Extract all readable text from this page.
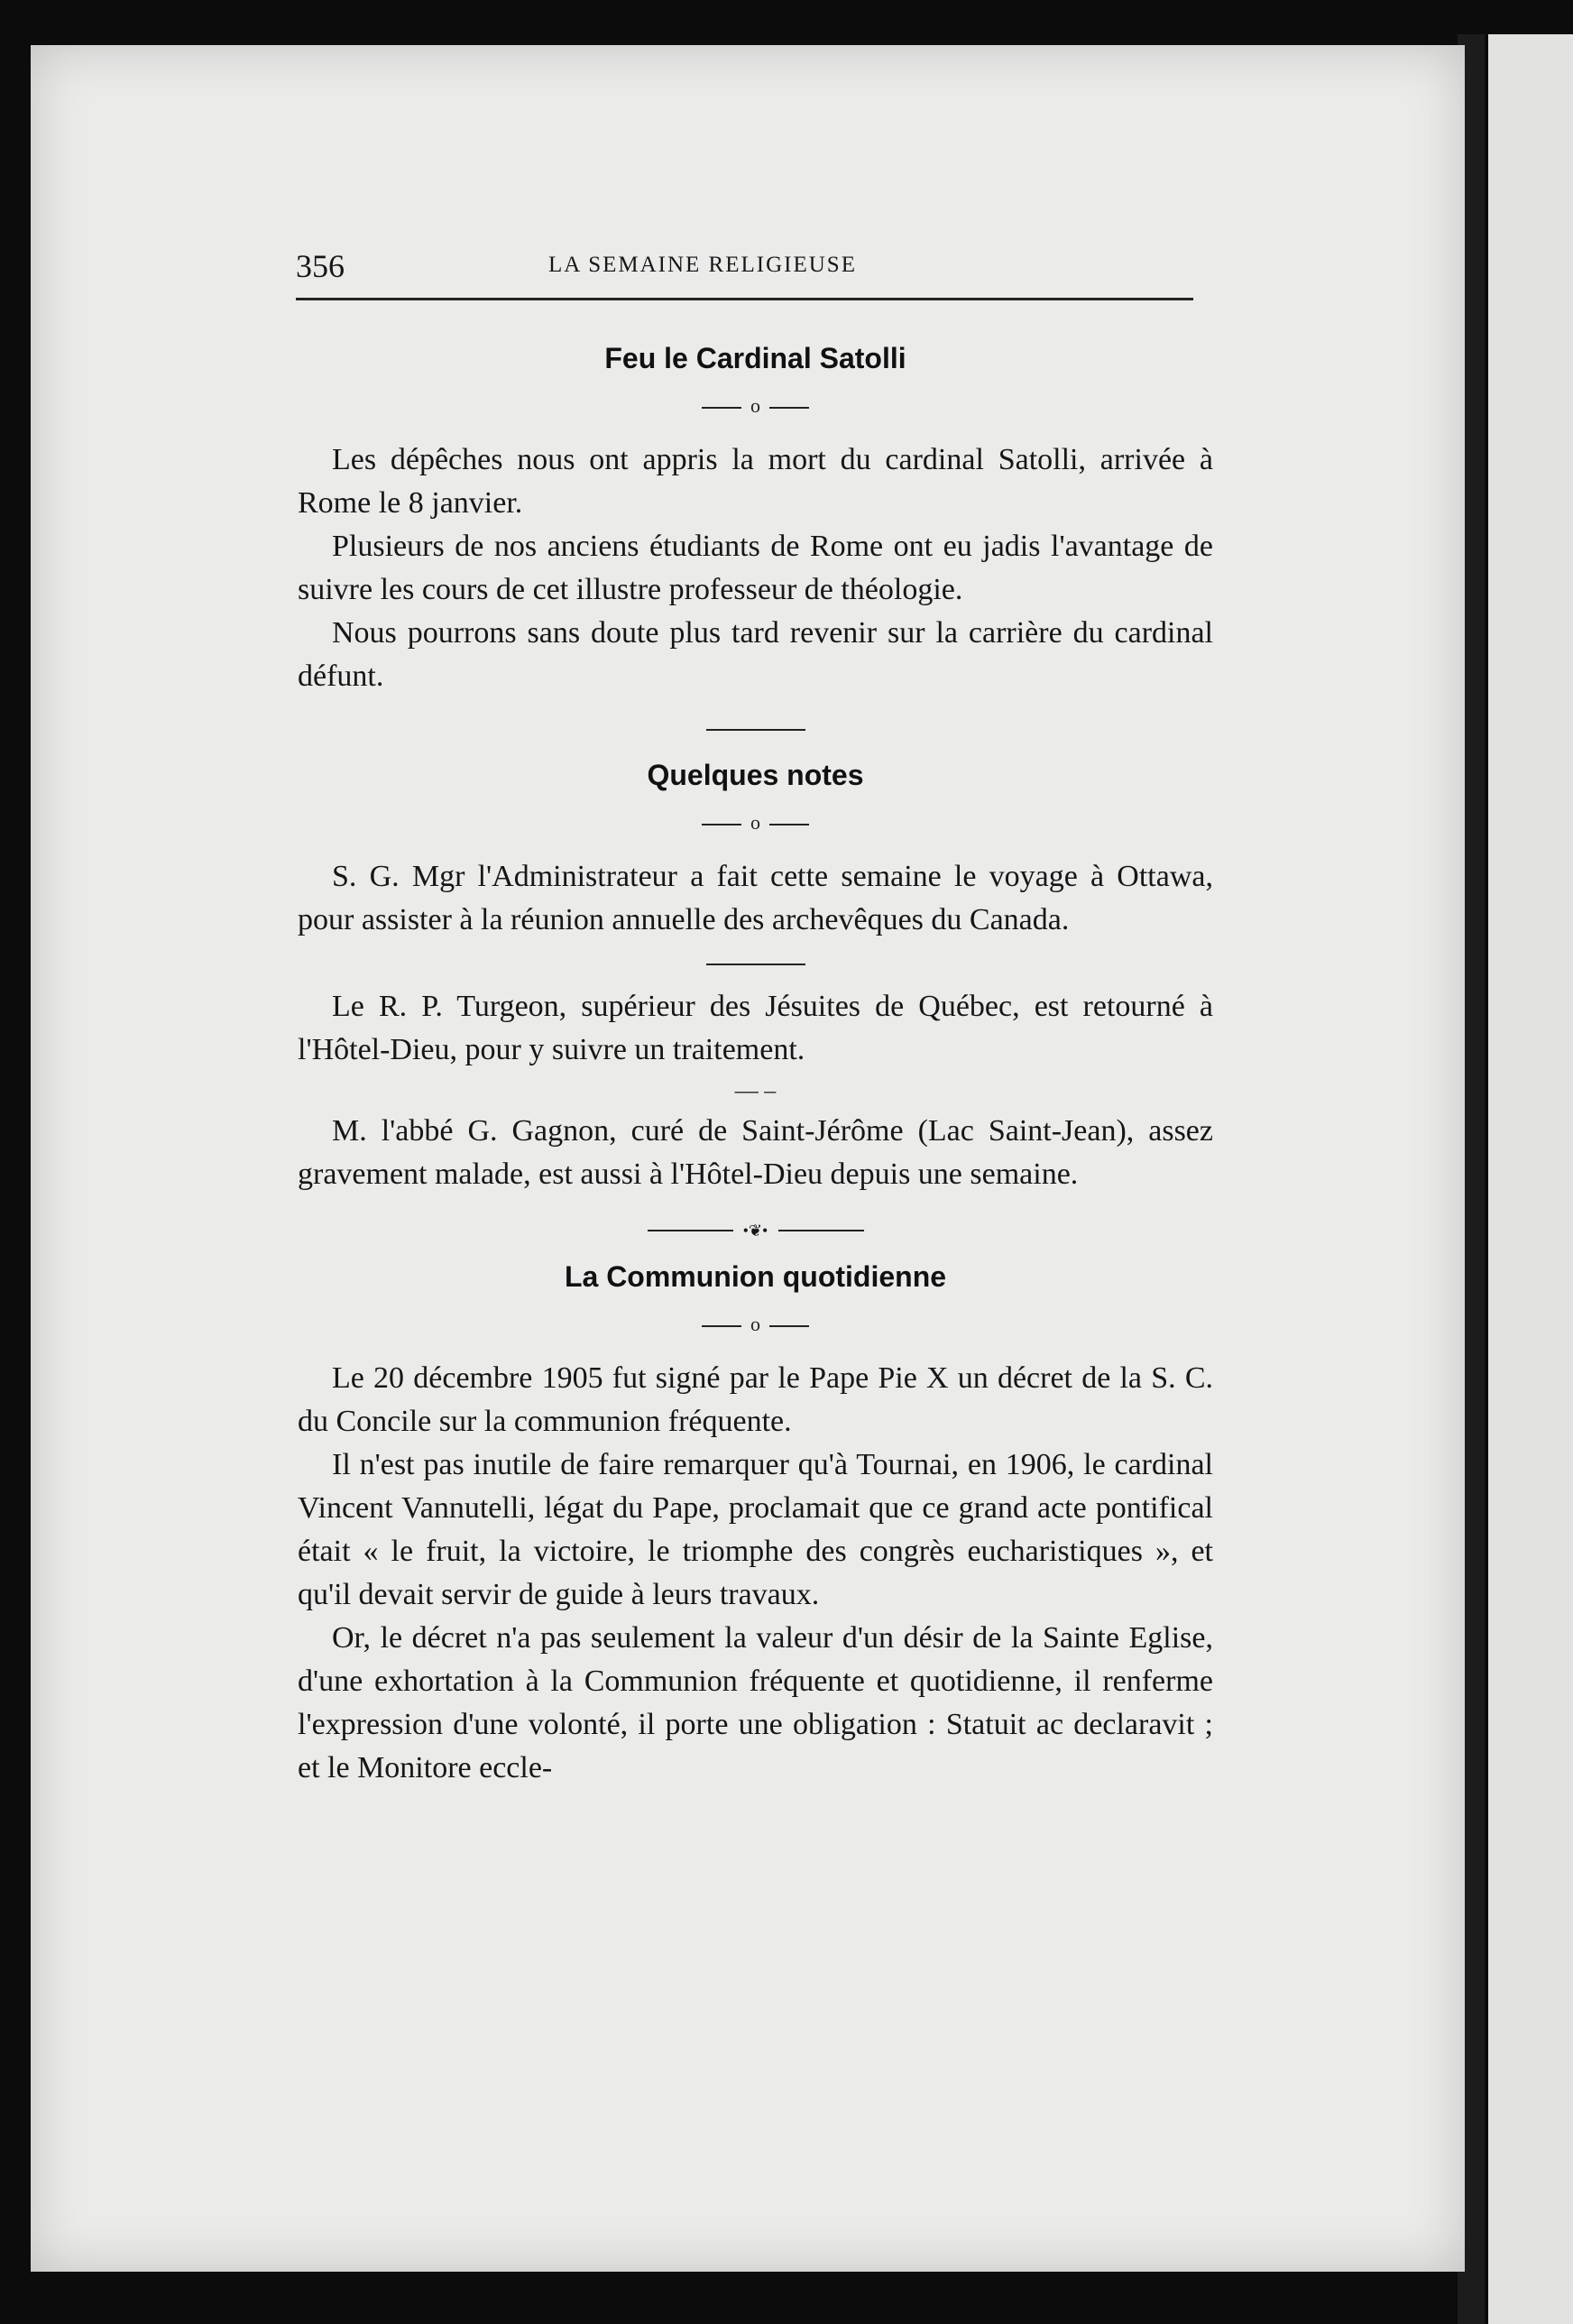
356	LA SEMAINE RELIGIEUSE
Feu le Cardinal Satolli
o

Les dépêches nous ont appris la mort du cardinal Satolli, arrivée à Rome le 8 janvier.

Plusieurs de nos anciens étudiants de Rome ont eu jadis l'avantage de suivre les cours de cet illustre professeur de théologie.

Nous pourrons sans doute plus tard revenir sur la carrière du cardinal défunt.

Quelques notes
o

S. G. Mgr l'Administrateur a fait cette semaine le voyage à Ottawa, pour assister à la réunion annuelle des archevêques du Canada.

Le R. P. Turgeon, supérieur des Jésuites de Québec, est retourné à l'Hôtel-Dieu, pour y suivre un traitement.

— –

M. l'abbé G. Gagnon, curé de Saint-Jérôme (Lac Saint-Jean), assez gravement malade, est aussi à l'Hôtel-Dieu depuis une semaine.

•❦•
La Communion quotidienne
o

Le 20 décembre 1905 fut signé par le Pape Pie X un décret de la S. C. du Concile sur la communion fréquente.

Il n'est pas inutile de faire remarquer qu'à Tournai, en 1906, le cardinal Vincent Vannutelli, légat du Pape, proclamait que ce grand acte pontifical était « le fruit, la victoire, le triomphe des congrès eucharistiques », et qu'il devait servir de guide à leurs travaux.

Or, le décret n'a pas seulement la valeur d'un désir de la Sainte Eglise, d'une exhortation à la Communion fréquente et quotidienne, il renferme l'expression d'une volonté, il porte une obligation : Statuit ac declaravit ; et le Monitore eccle-
